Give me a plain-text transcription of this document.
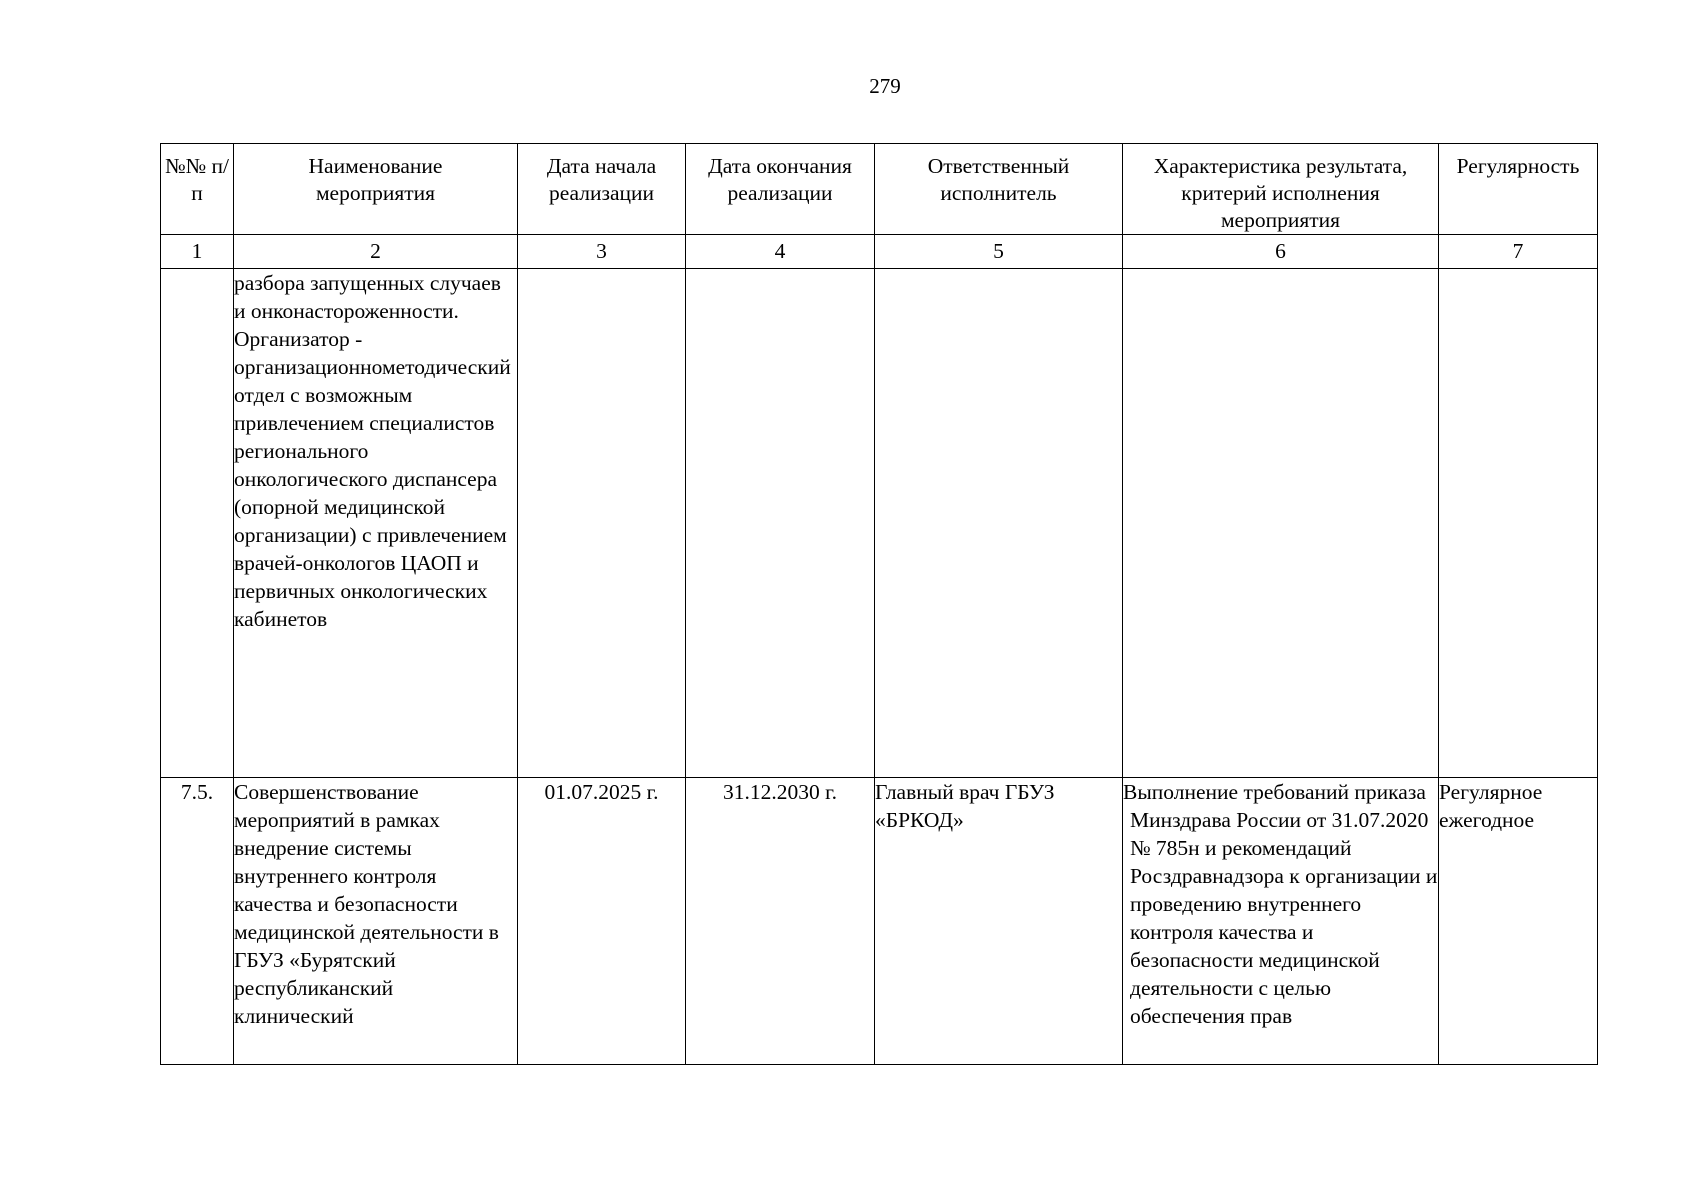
279
№№ п/п	Наименование мероприятия	Дата начала реализации	Дата окончания реализации	Ответственный исполнитель	Характеристика результата, критерий исполнения мероприятия	Регулярность
1	2	3	4	5	6	7
	разбора запущенных случаев и онконастороженности. Организатор - организационнометодический отдел с возможным привлечением специалистов регионального онкологического диспансера (опорной медицинской организации) с привлечением врачей-онкологов ЦАОП и первичных онкологических кабинетов					
7.5.	Совершенствование мероприятий в рамках внедрение системы внутреннего контроля качества и безопасности медицинской деятельности в ГБУЗ «Бурятский республиканский клинический	01.07.2025 г.	31.12.2030 г.	Главный врач ГБУЗ «БРКОД»	Выполнение требований приказа Минздрава России от 31.07.2020 № 785н и рекомендаций Росздравнадзора к организации и проведению внутреннего контроля качества и безопасности медицинской деятельности с целью обеспечения прав	Регулярное ежегодное
